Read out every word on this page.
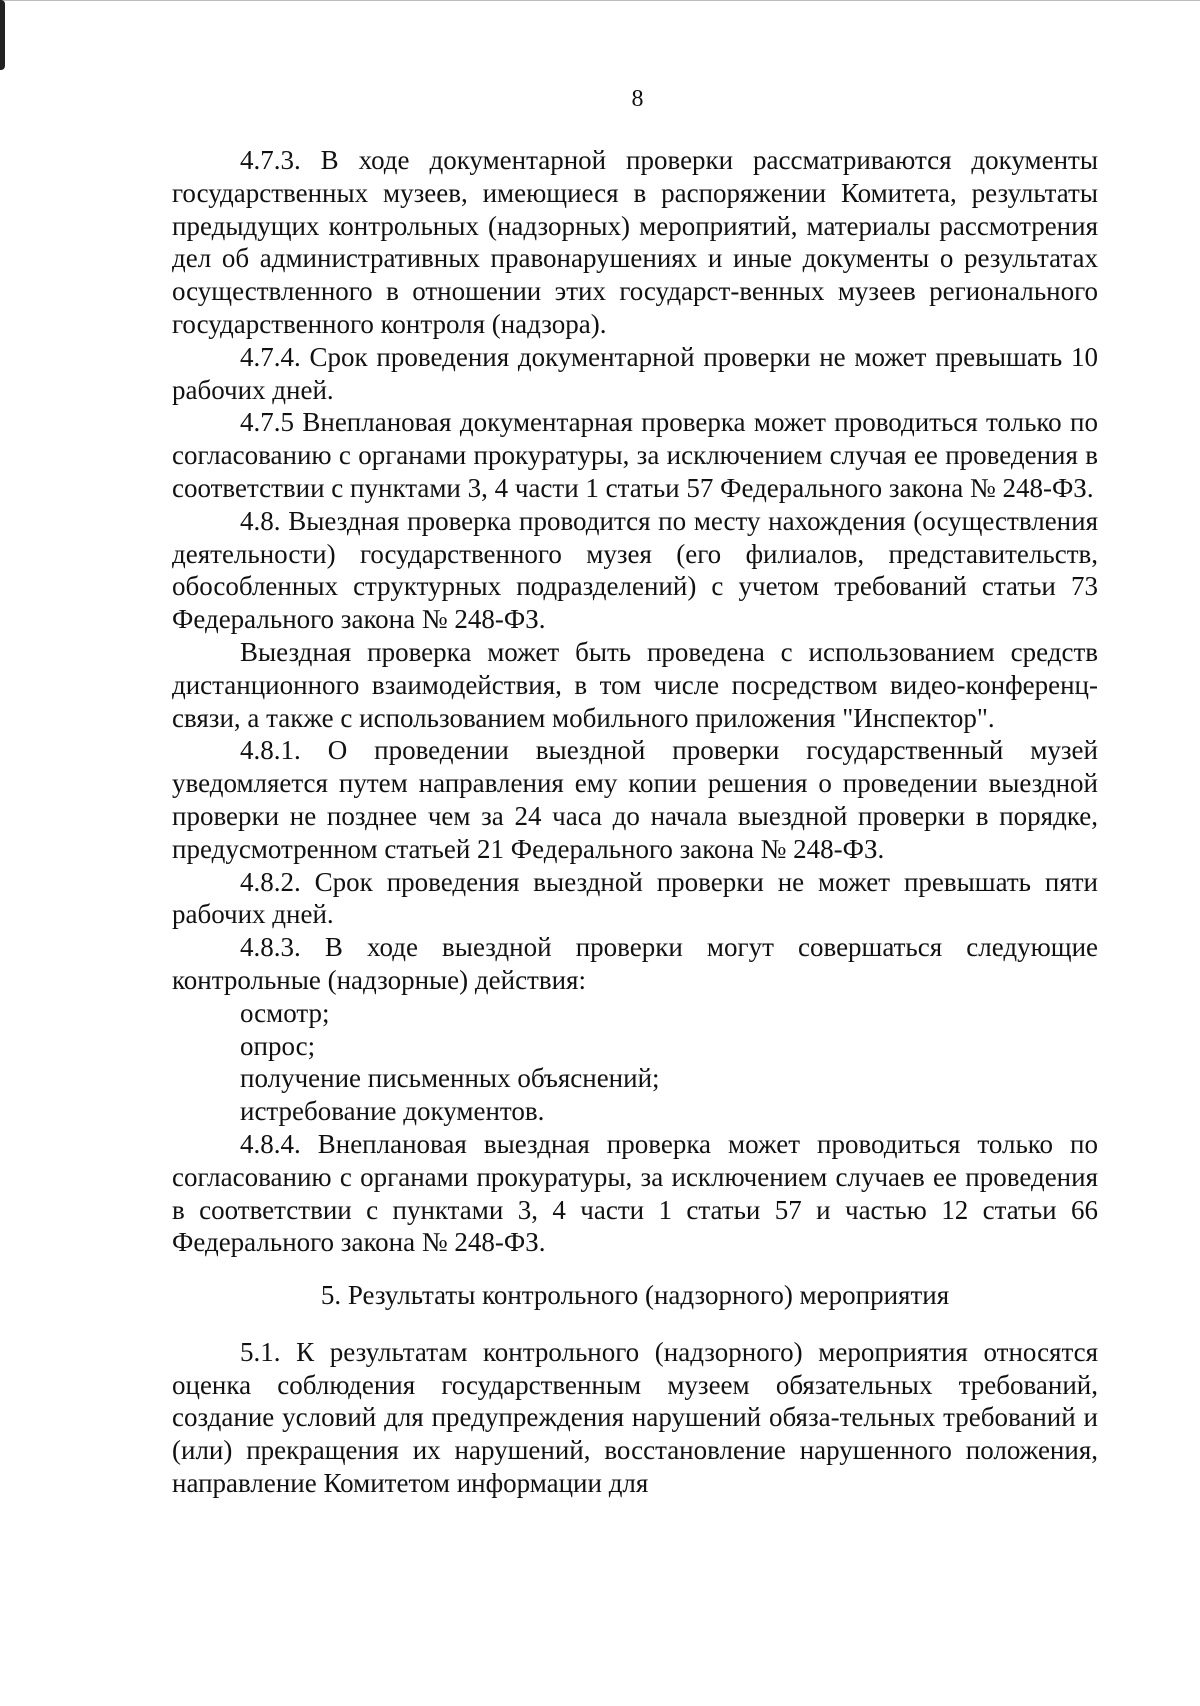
8

4.7.3. В ходе документарной проверки рассматриваются документы государственных музеев, имеющиеся в распоряжении Комитета, результаты предыдущих контрольных (надзорных) мероприятий, материалы рассмотрения дел об административных правонарушениях и иные документы о результатах осуществленного в отношении этих государст-венных музеев регионального государственного контроля (надзора).

4.7.4. Срок проведения документарной проверки не может превышать 10 рабочих дней.

4.7.5 Внеплановая документарная проверка может проводиться только по согласованию с органами прокуратуры, за исключением случая ее проведения в соответствии с пунктами 3, 4 части 1 статьи 57 Федерального закона № 248-ФЗ.

4.8. Выездная проверка проводится по месту нахождения (осуществления деятельности) государственного музея (его филиалов, представительств, обособленных структурных подразделений) с учетом требований статьи 73 Федерального закона № 248-ФЗ.

Выездная проверка может быть проведена с использованием средств дистанционного взаимодействия, в том числе посредством видео-конференц-связи, а также с использованием мобильного приложения "Инспектор".

4.8.1. О проведении выездной проверки государственный музей уведомляется путем направления ему копии решения о проведении выездной проверки не позднее чем за 24 часа до начала выездной проверки в порядке, предусмотренном статьей 21 Федерального закона № 248-ФЗ.

4.8.2. Срок проведения выездной проверки не может превышать пяти рабочих дней.

4.8.3. В ходе выездной проверки могут совершаться следующие контрольные (надзорные) действия:

осмотр;

опрос;

получение письменных объяснений;

истребование документов.

4.8.4. Внеплановая выездная проверка может проводиться только по согласованию с органами прокуратуры, за исключением случаев ее проведения в соответствии с пунктами 3, 4 части 1 статьи 57 и частью 12 статьи 66 Федерального закона № 248-ФЗ.

5. Результаты контрольного (надзорного) мероприятия

5.1. К результатам контрольного (надзорного) мероприятия относятся оценка соблюдения государственным музеем обязательных требований, создание условий для предупреждения нарушений обяза-тельных требований и (или) прекращения их нарушений, восстановление нарушенного положения, направление Комитетом информации для
